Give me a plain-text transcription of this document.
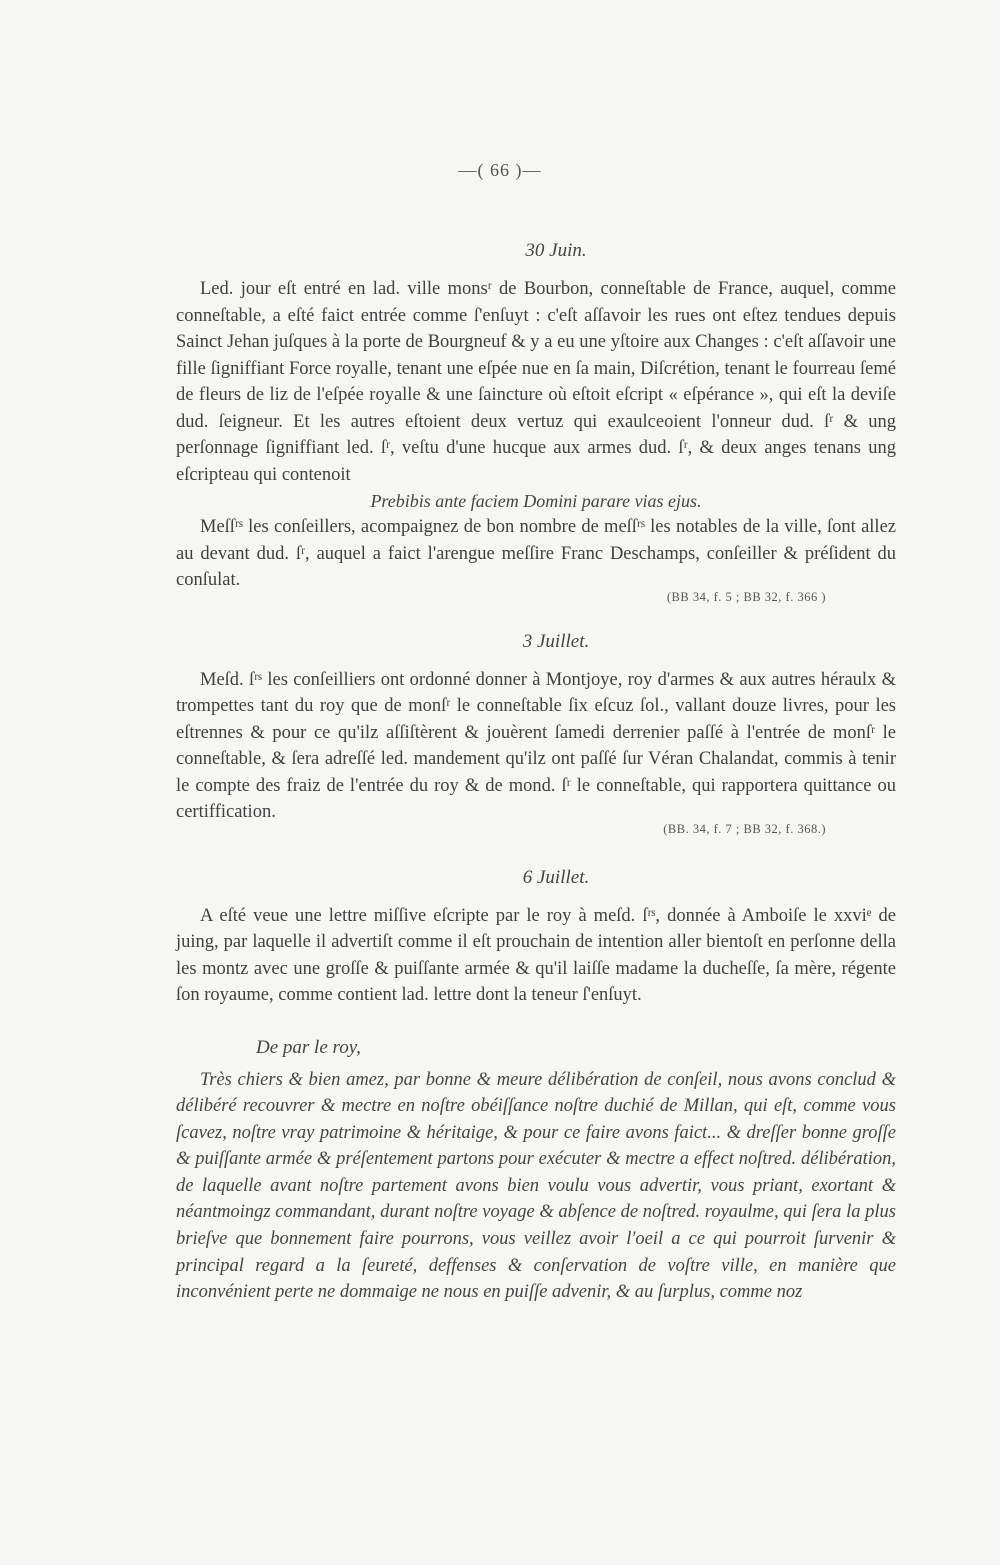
—( 66 )—
30 Juin.

Led. jour eſt entré en lad. ville monsʳ de Bourbon, conneſtable de France, auquel, comme conneſtable, a eſté faict entrée comme ſ'enſuyt : c'eſt aſſavoir les rues ont eſtez tendues depuis Sainct Jehan juſques à la porte de Bourgneuf & y a eu une yſtoire aux Changes : c'eſt aſſavoir une fille ſigniffiant Force royalle, tenant une eſpée nue en ſa main, Diſcrétion, tenant le fourreau ſemé de fleurs de liz de l'eſpée royalle & une ſaincture où eſtoit eſcript « eſpérance », qui eſt la deviſe dud. ſeigneur. Et les autres eſtoient deux vertuz qui exaulceoient l'onneur dud. ſʳ & ung perſonnage ſigniffiant led. ſʳ, veſtu d'une hucque aux armes dud. ſʳ, & deux anges tenans ung eſcripteau qui contenoit

Prebibis ante faciem Domini parare vias ejus.

Meſſʳˢ les conſeillers, acompaignez de bon nombre de meſſʳˢ les notables de la ville, ſont allez au devant dud. ſʳ, auquel a faict l'arengue meſſire Franc Deschamps, conſeiller & préſident du conſulat.

(BB 34, f. 5 ; BB 32, f. 366 )
3 Juillet.

Meſd. ſʳˢ les conſeilliers ont ordonné donner à Montjoye, roy d'armes & aux autres héraulx & trompettes tant du roy que de monſʳ le conneſtable ſix eſcuz ſol., vallant douze livres, pour les eſtrennes & pour ce qu'ilz aſſiſtèrent & jouèrent ſamedi derrenier paſſé à l'entrée de monſʳ le conneſtable, & ſera adreſſé led. mandement qu'ilz ont paſſé ſur Véran Chalandat, commis à tenir le compte des fraiz de l'entrée du roy & de mond. ſʳ le conneſtable, qui rapportera quittance ou certiffication.

(BB. 34, f. 7 ; BB 32, f. 368.)
6 Juillet.

A eſté veue une lettre miſſive eſcripte par le roy à meſd. ſʳˢ, donnée à Amboiſe le xxviᵉ de juing, par laquelle il advertiſt comme il eſt prouchain de intention aller bientoſt en perſonne della les montz avec une groſſe & puiſſante armée & qu'il laiſſe madame la ducheſſe, ſa mère, régente ſon royaume, comme contient lad. lettre dont la teneur ſ'enſuyt.

De par le roy,

Très chiers & bien amez, par bonne & meure délibération de conſeil, nous avons conclud & délibéré recouvrer & mectre en noſtre obéiſſance noſtre duchié de Millan, qui eſt, comme vous ſcavez, noſtre vray patrimoine & héritaige, & pour ce faire avons faict... & dreſſer bonne groſſe & puiſſante armée & préſentement partons pour exécuter & mectre a effect noſtred. délibération, de laquelle avant noſtre partement avons bien voulu vous advertir, vous priant, exortant & néantmoingz commandant, durant noſtre voyage & abſence de noſtred. royaulme, qui ſera la plus brieſve que bonnement faire pourrons, vous veillez avoir l'oeil a ce qui pourroit ſurvenir & principal regard a la ſeureté, deffenses & conſervation de voſtre ville, en manière que inconvénient perte ne dommaige ne nous en puiſſe advenir, & au ſurplus, comme noz
